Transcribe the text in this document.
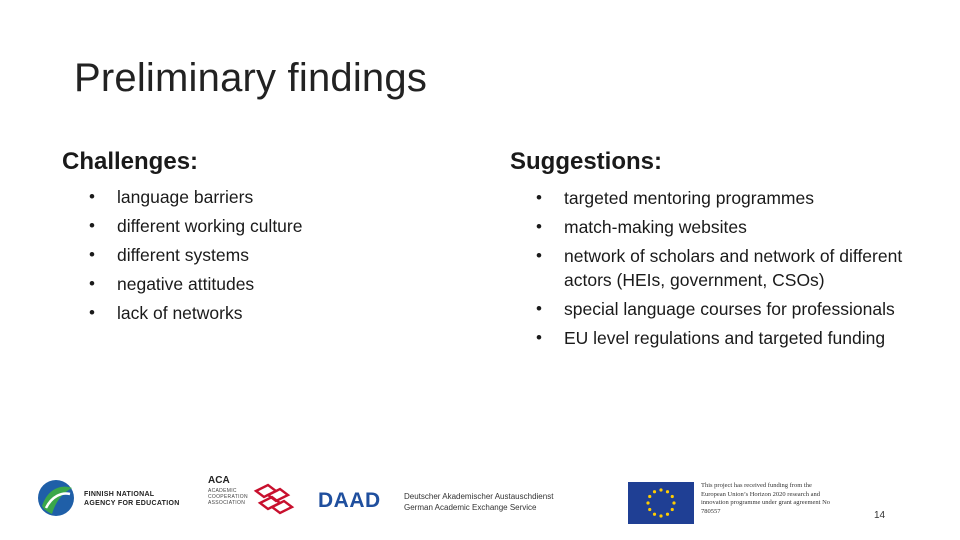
Preliminary findings
Challenges:
• language barriers
• different working culture
• different systems
• negative attitudes
• lack of networks
Suggestions:
• targeted mentoring programmes
• match-making websites
• network of scholars and network of different actors (HEIs, government, CSOs)
• special language courses for professionals
• EU level regulations and targeted funding
FINNISH NATIONAL
AGENCY FOR EDUCATION
ACA
ACADEMIC
COOPERATION
ASSOCIATION	DAAD	Deutscher Akademischer Austauschdienst
German Academic Exchange Service
This project has received funding from the
European Union’s Horizon 2020 research and
innovation programme under grant agreement No
780557	14
